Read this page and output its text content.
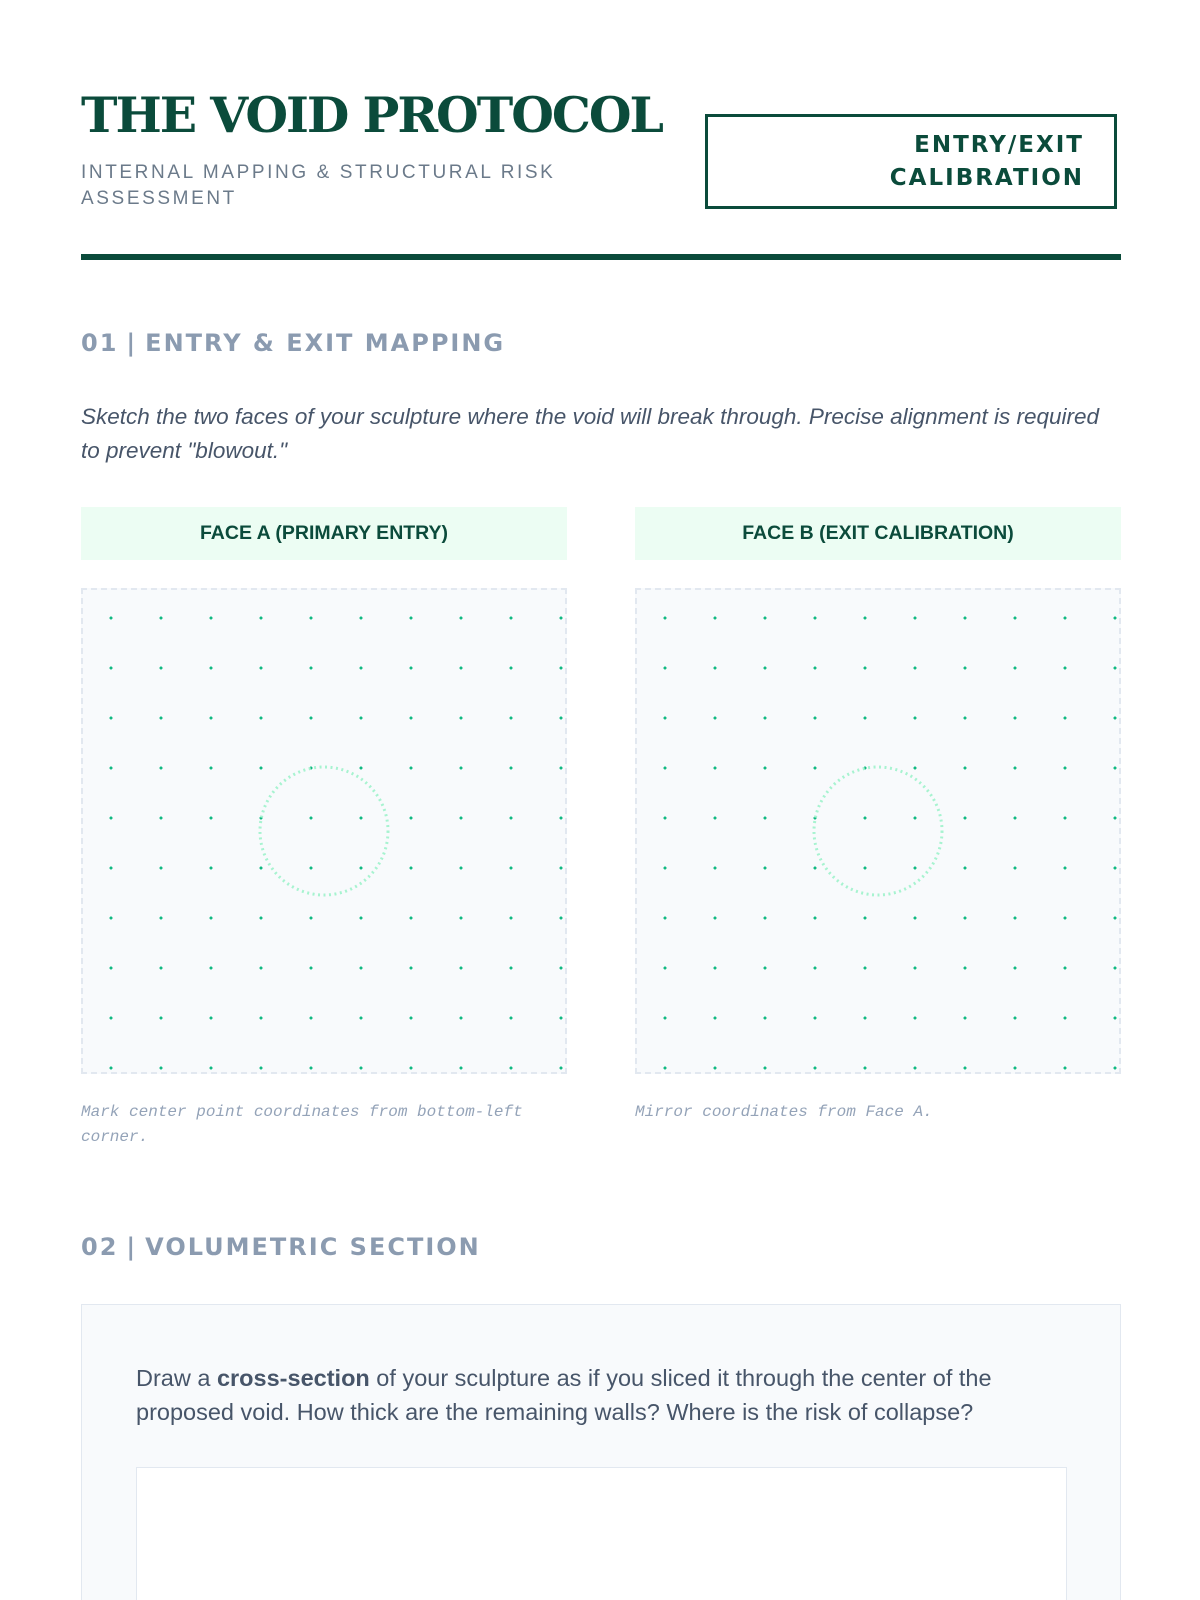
THE VOID PROTOCOL
INTERNAL MAPPING & STRUCTURAL RISK ASSESSMENT
ENTRY/EXIT CALIBRATION
01 | ENTRY & EXIT MAPPING

Sketch the two faces of your sculpture where the void will break through. Precise alignment is required to prevent "blowout."

FACE A (PRIMARY ENTRY)	FACE B (EXIT CALIBRATION)

Mark center point coordinates from bottom-left corner.

Mirror coordinates from Face A.

02 | VOLUMETRIC SECTION

Draw a cross-section of your sculpture as if you sliced it through the center of the proposed void. How thick are the remaining walls? Where is the risk of collapse?
